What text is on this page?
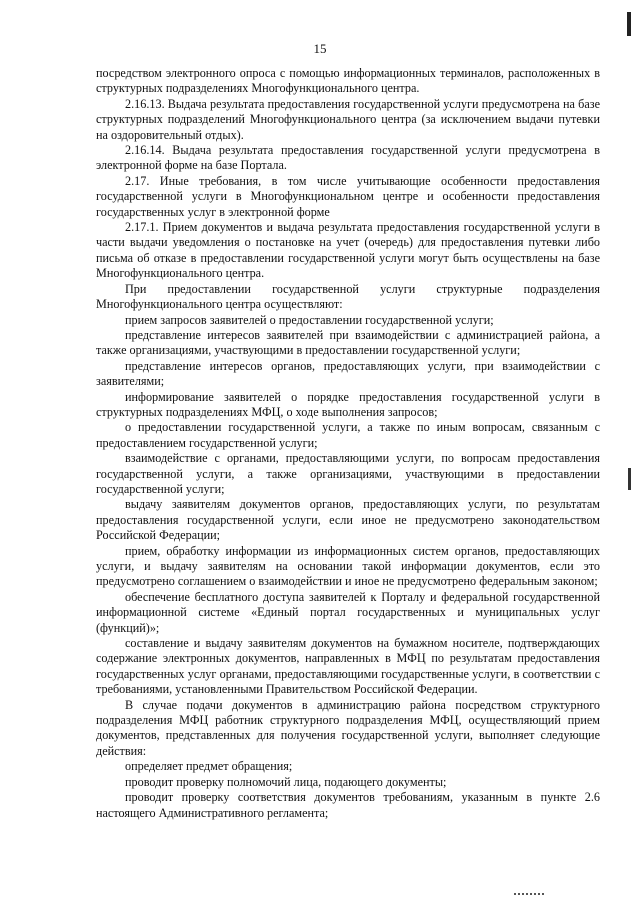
15

посредством электронного опроса с помощью информационных терминалов, расположенных в структурных подразделениях Многофункционального центра.

2.16.13. Выдача результата предоставления государственной услуги предусмотрена на базе структурных подразделений Многофункционального центра (за исключением выдачи путевки на оздоровительный отдых).

2.16.14. Выдача результата предоставления государственной услуги предусмотрена в электронной форме на базе Портала.

2.17. Иные требования, в том числе учитывающие особенности предоставления государственной услуги в Многофункциональном центре и особенности предоставления государственных услуг в электронной форме

2.17.1. Прием документов и выдача результата предоставления государственной услуги в части выдачи уведомления о постановке на учет (очередь) для предоставления путевки либо письма об отказе в предоставлении государственной услуги могут быть осуществлены на базе Многофункционального центра.

При предоставлении государственной услуги структурные подразделения Многофункционального центра осуществляют:

прием запросов заявителей о предоставлении государственной услуги;

представление интересов заявителей при взаимодействии с администрацией района, а также организациями, участвующими в предоставлении государственной услуги;

представление интересов органов, предоставляющих услуги, при взаимодействии с заявителями;

информирование заявителей о порядке предоставления государственной услуги в структурных подразделениях МФЦ, о ходе выполнения запросов;

о предоставлении государственной услуги, а также по иным вопросам, связанным с предоставлением государственной услуги;

взаимодействие с органами, предоставляющими услуги, по вопросам предоставления государственной услуги, а также организациями, участвующими в предоставлении государственной услуги;

выдачу заявителям документов органов, предоставляющих услуги, по результатам предоставления государственной услуги, если иное не предусмотрено законодательством Российской Федерации;

прием, обработку информации из информационных систем органов, предоставляющих услуги, и выдачу заявителям на основании такой информации документов, если это предусмотрено соглашением о взаимодействии и иное не предусмотрено федеральным законом;

обеспечение бесплатного доступа заявителей к Порталу и федеральной государственной информационной системе «Единый портал государственных и муниципальных услуг (функций)»;

составление и выдачу заявителям документов на бумажном носителе, подтверждающих содержание электронных документов, направленных в МФЦ по результатам предоставления государственных услуг органами, предоставляющими государственные услуги, в соответствии с требованиями, установленными Правительством Российской Федерации.

В случае подачи документов в администрацию района посредством структурного подразделения МФЦ работник структурного подразделения МФЦ, осуществляющий прием документов, представленных для получения государственной услуги, выполняет следующие действия:

определяет предмет обращения;

проводит проверку полномочий лица, подающего документы;

проводит проверку соответствия документов требованиям, указанным в пункте 2.6 настоящего Административного регламента;
